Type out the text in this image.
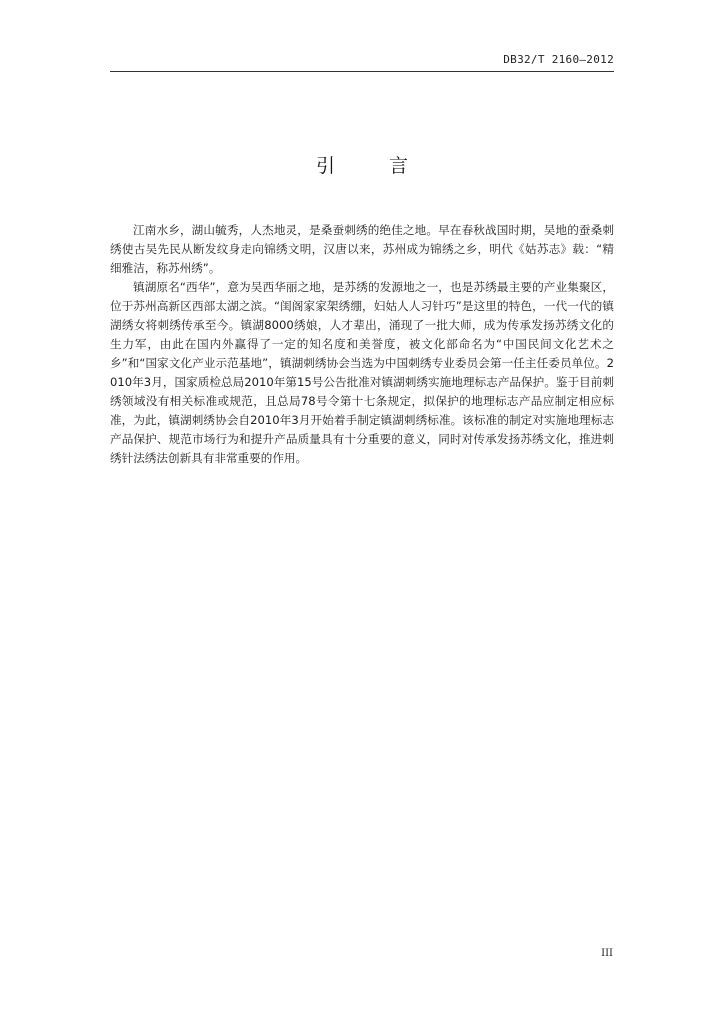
DB32/T 2160—2012
引 言

江南水乡，湖山毓秀，人杰地灵，是桑蚕刺绣的绝佳之地。早在春秋战国时期，吴地的蚕桑刺绣使古吴先民从断发纹身走向锦绣文明，汉唐以来，苏州成为锦绣之乡，明代《姑苏志》载：“精细雅洁，称苏州绣”。

镇湖原名“西华”，意为吴西华丽之地，是苏绣的发源地之一，也是苏绣最主要的产业集聚区，位于苏州高新区西部太湖之滨。“闺阁家家架绣绷，妇姑人人习针巧”是这里的特色，一代一代的镇湖绣女将刺绣传承至今。镇湖8000绣娘，人才辈出，涌现了一批大师，成为传承发扬苏绣文化的生力军，由此在国内外赢得了一定的知名度和美誉度，被文化部命名为“中国民间文化艺术之乡”和“国家文化产业示范基地”，镇湖刺绣协会当选为中国刺绣专业委员会第一任主任委员单位。2010年3月，国家质检总局2010年第15号公告批准对镇湖刺绣实施地理标志产品保护。鉴于目前刺绣领域没有相关标准或规范，且总局78号令第十七条规定，拟保护的地理标志产品应制定相应标准，为此，镇湖刺绣协会自2010年3月开始着手制定镇湖刺绣标准。该标准的制定对实施地理标志产品保护、规范市场行为和提升产品质量具有十分重要的意义，同时对传承发扬苏绣文化，推进刺绣针法绣法创新具有非常重要的作用。

III
